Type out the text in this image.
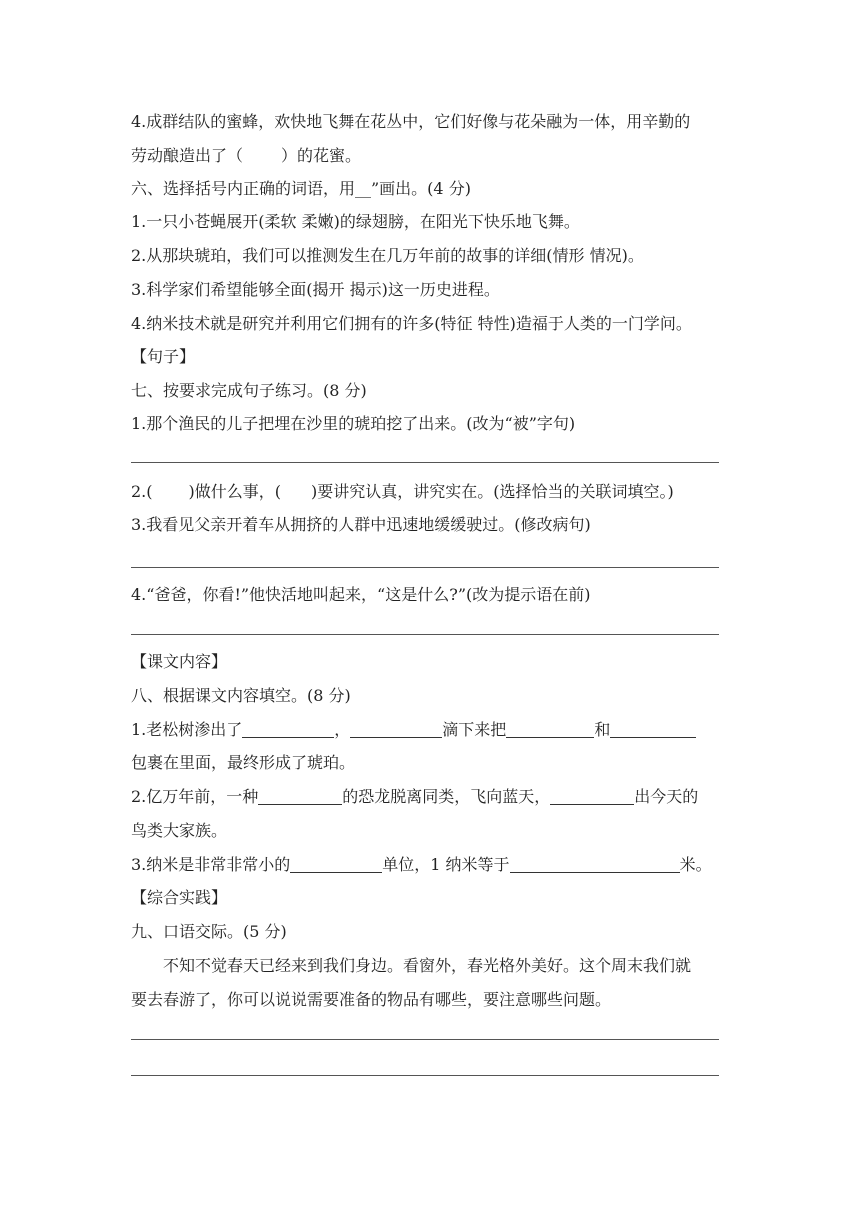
4.成群结队的蜜蜂，欢快地飞舞在花丛中，它们好像与花朵融为一体，用辛勤的
劳动酿造出了（ ）的花蜜。
六、选择括号内正确的词语，用__”画出。(4 分)
1.一只小苍蝇展开(柔软 柔嫩)的绿翅膀，在阳光下快乐地飞舞。
2.从那块琥珀，我们可以推测发生在几万年前的故事的详细(情形 情况)。
3.科学家们希望能够全面(揭开 揭示)这一历史进程。
4.纳米技术就是研究并利用它们拥有的许多(特征 特性)造福于人类的一门学问。
【句子】
七、按要求完成句子练习。(8 分)
1.那个渔民的儿子把埋在沙里的琥珀挖了出来。(改为“被”字句)
2.( )做什么事，( )要讲究认真，讲究实在。(选择恰当的关联词填空。)
3.我看见父亲开着车从拥挤的人群中迅速地缓缓驶过。(修改病句)
4.“爸爸，你看!”他快活地叫起来，“这是什么?”(改为提示语在前)
【课文内容】
八、根据课文内容填空。(8 分)
1.老松树渗出了	，	滴下来把	和
包裹在里面，最终形成了琥珀。
2.亿万年前，一种	的恐龙脱离同类，飞向蓝天，	出今天的
鸟类大家族。
3.纳米是非常非常小的	单位，1 纳米等于	米。
【综合实践】
九、口语交际。(5 分)
不知不觉春天已经来到我们身边。看窗外，春光格外美好。这个周末我们就
要去春游了，你可以说说需要准备的物品有哪些，要注意哪些问题。
